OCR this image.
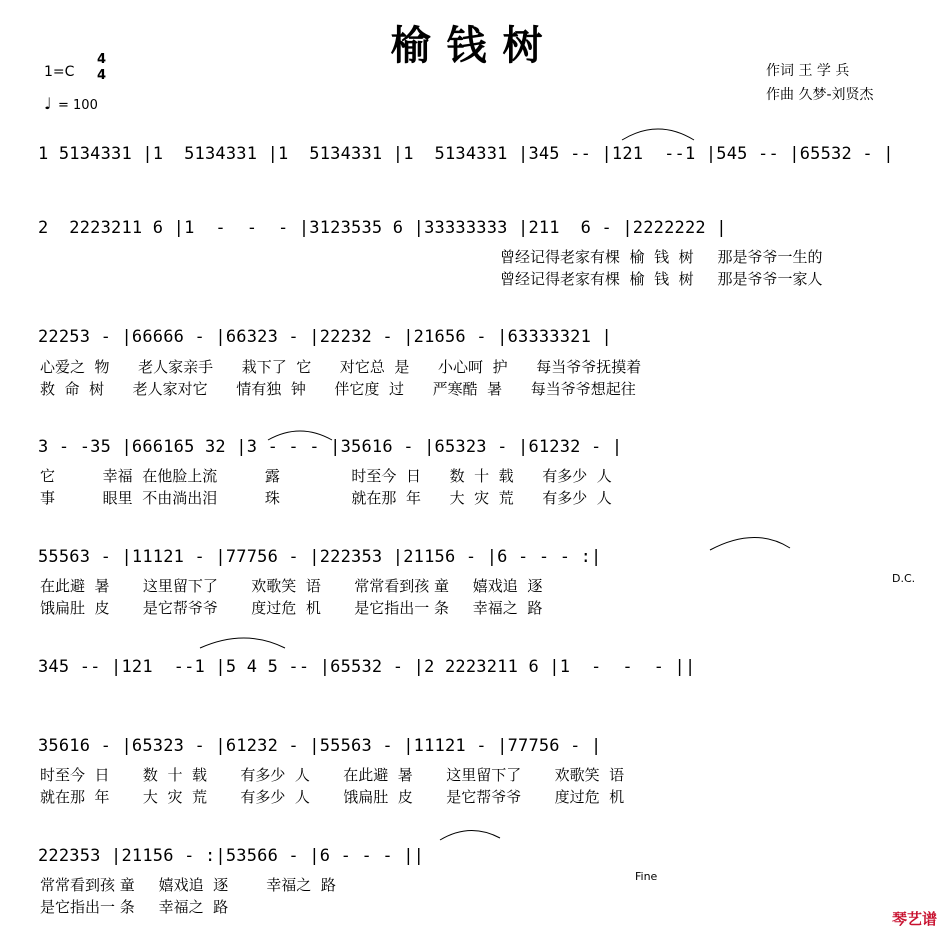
榆钱树
1=C
4
4
♩ = 100
作词 王 学 兵
作曲 久梦-刘贤杰
1 5134331 |1  5134331 |1  5134331 |1  5134331 |345 -- |121  --1 |545 -- |65532 - |
2  2223211 6 |1  -  -  - |3123535 6 |33333333 |211  6 - |2222222 |
曾经记得老家有棵  榆  钱  树     那是爷爷一生的
曾经记得老家有棵  榆  钱  树     那是爷爷一家人
22253 - |66666 - |66323 - |22232 - |21656 - |63333321 |
心爱之  物      老人家亲手      栽下了  它      对它总  是      小心呵  护      每当爷爷抚摸着
救  命  树      老人家对它      情有独  钟      伴它度  过      严寒酷  暑      每当爷爷想起往
3 - -35 |666165 32 |3 - - - |35616 - |65323 - |61232 - |
它          幸福  在他脸上流          露               时至今  日      数  十  载      有多少  人
事          眼里  不由淌出泪          珠               就在那  年      大  灾  荒      有多少  人
55563 - |11121 - |77756 - |222353 |21156 - |6 - - - :|
在此避  暑       这里留下了       欢歌笑  语       常常看到孩 童     嬉戏追  逐
饿扁肚  皮       是它帮爷爷       度过危  机       是它指出一 条     幸福之  路
D.C.
345 -- |121  --1 |5 4 5 -- |65532 - |2 2223211 6 |1  -  -  - ||
35616 - |65323 - |61232 - |55563 - |11121 - |77756 - |
时至今  日       数  十  载       有多少  人       在此避  暑       这里留下了       欢歌笑  语
就在那  年       大  灾  荒       有多少  人       饿扁肚  皮       是它帮爷爷       度过危  机
222353 |21156 - :|53566 - |6 - - - ||
常常看到孩 童     嬉戏追  逐        幸福之  路
是它指出一 条     幸福之  路
Fine
琴艺谱
